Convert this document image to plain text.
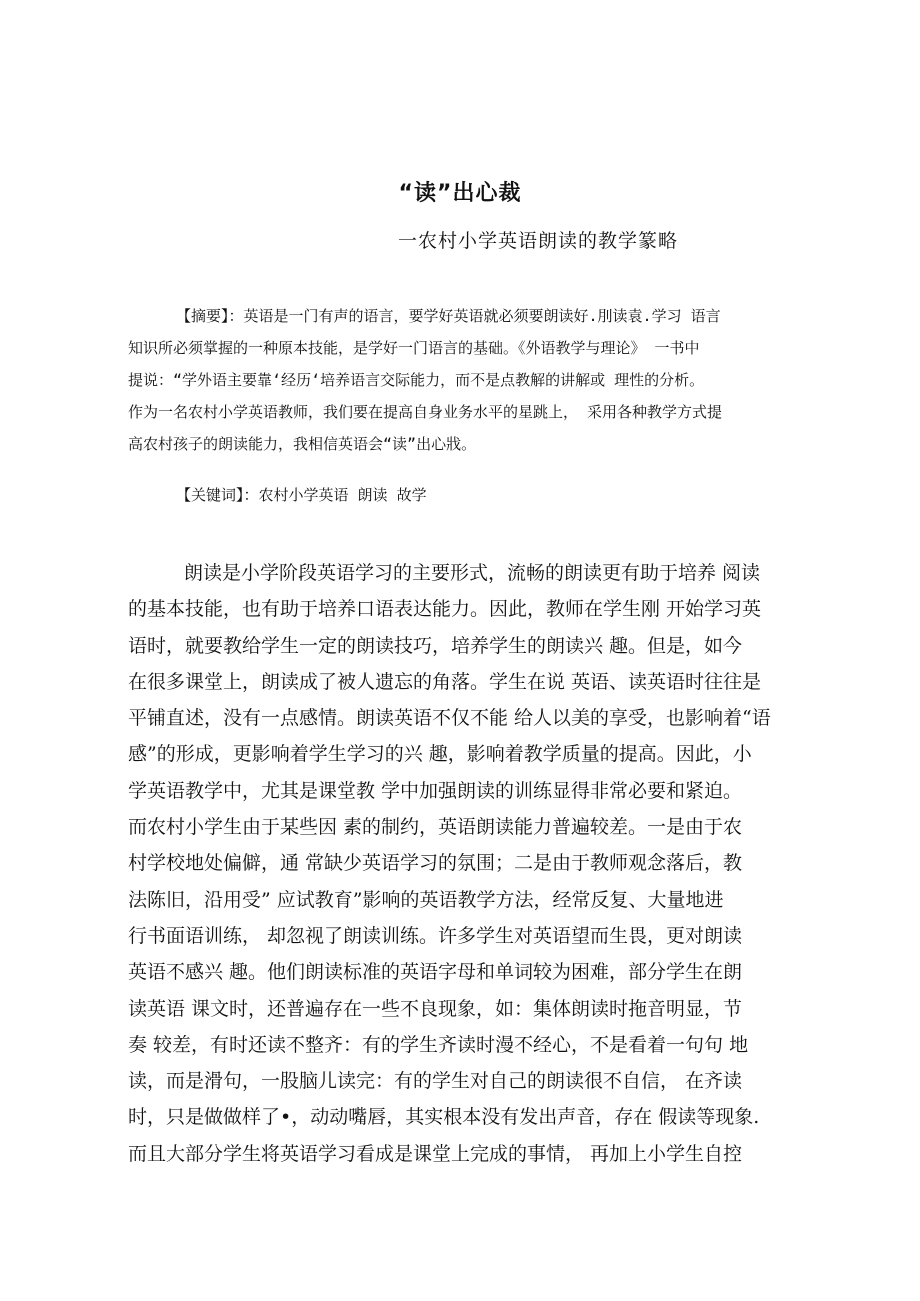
“读”出心裁
一农村小学英语朗读的教学篆略
【摘要】：英语是一门有声的语言，要学好英语就必须要朗读好.刖读袁.学习 语言
知识所必须掌握的一种原本技能，是学好一门语言的基础。《外语教学与理论》 一书中
提说：“学外语主要靠‘经历‘培养语言交际能力，而不是点教解的讲解或 理性的分析。
作为一名农村小学英语教师，我们要在提高自身业务水平的星跳上， 采用各种教学方式提
高农村孩子的朗读能力，我相信英语会“读”出心戕。
【关键词】：农村小学英语 朗读 故学
朗读是小学阶段英语学习的主要形式，流畅的朗读更有助于培养 阅读
的基本技能，也有助于培养口语表达能力。因此，教师在学生刚 开始学习英
语时，就要教给学生一定的朗读技巧，培养学生的朗读兴 趣。但是，如今
在很多课堂上，朗读成了被人遗忘的角落。学生在说 英语、读英语时往往是
平铺直述，没有一点感情。朗读英语不仅不能 给人以美的享受，也影响着“语
感”的形成，更影响着学生学习的兴 趣，影响着教学质量的提高。因此，小
学英语教学中，尤其是课堂教 学中加强朗读的训练显得非常必要和紧迫。
而农村小学生由于某些因 素的制约，英语朗读能力普遍较差。一是由于农
村学校地处偏僻，通 常缺少英语学习的氛围；二是由于教师观念落后，教
法陈旧，沿用受” 应试教育”影响的英语教学方法，经常反复、大量地进
行书面语训练， 却忽视了朗读训练。许多学生对英语望而生畏，更对朗读
英语不感兴 趣。他们朗读标准的英语字母和单词较为困难，部分学生在朗
读英语 课文时，还普遍存在一些不良现象，如：集体朗读时拖音明显，节
奏 较差，有时还读不整齐：有的学生齐读时漫不经心，不是看着一句句 地
读，而是滑句，一股脑儿读完：有的学生对自己的朗读很不自信， 在齐读
时，只是做做样了•，动动嘴唇，其实根本没有发出声音，存在 假读等现象.
而且大部分学生将英语学习看成是课堂上完成的事情， 再加上小学生自控
